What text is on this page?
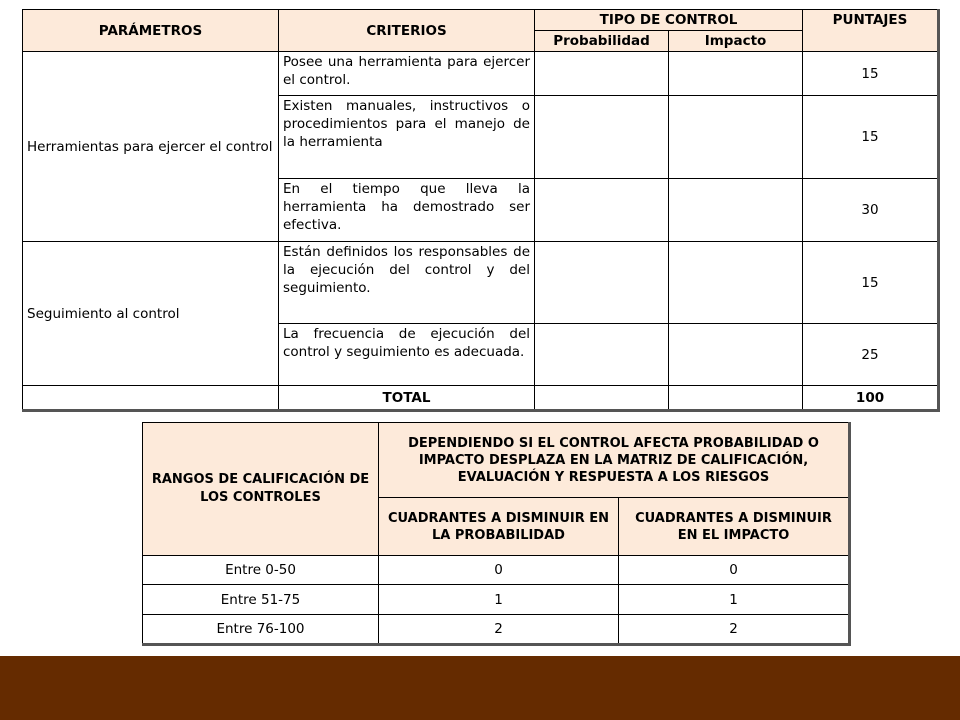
PARÁMETROS	CRITERIOS	TIPO DE CONTROL		PUNTAJES
		Probabilidad	Impacto	
Herramientas para ejercer el control	Posee una herramienta para ejercer el control.			15
	Existen manuales, instructivos o procedimientos para el manejo de la herramienta			15
	En el tiempo que lleva la herramienta ha demostrado ser efectiva.			30
Seguimiento al control	Están definidos los responsables de la ejecución del control y del seguimiento.			15
	La frecuencia de ejecución del control y seguimiento es adecuada.			25
	TOTAL			100
RANGOS DE CALIFICACIÓN DE LOS CONTROLES	DEPENDIENDO SI EL CONTROL AFECTA PROBABILIDAD O IMPACTO DESPLAZA EN LA MATRIZ DE CALIFICACIÓN, EVALUACIÓN Y RESPUESTA A LOS RIESGOS	
	CUADRANTES A DISMINUIR EN LA PROBABILIDAD	CUADRANTES A DISMINUIR EN EL IMPACTO
Entre 0-50	0	0
Entre 51-75	1	1
Entre 76-100	2	2
